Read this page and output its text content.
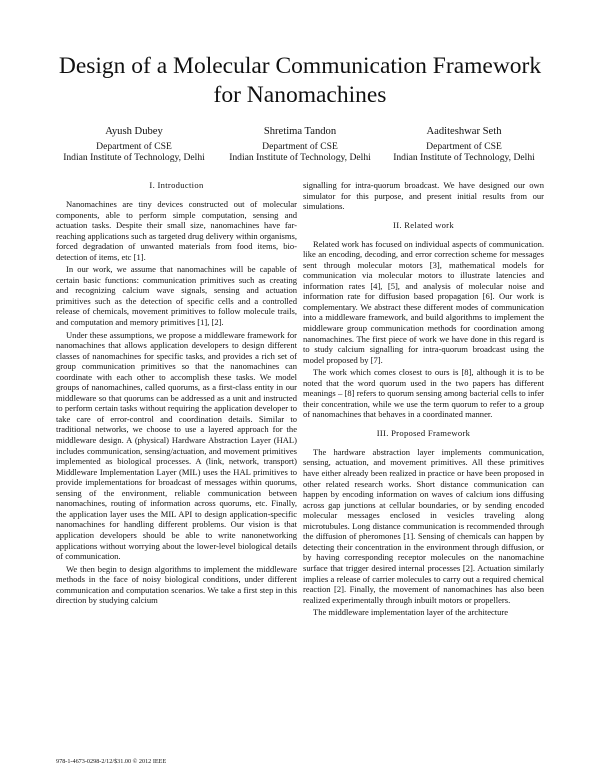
Design of a Molecular Communication Framework
for Nanomachines
Ayush Dubey
Department of CSE
Indian Institute of Technology, Delhi
Shretima Tandon
Department of CSE
Indian Institute of Technology, Delhi
Aaditeshwar Seth
Department of CSE
Indian Institute of Technology, Delhi
I. Introduction

Nanomachines are tiny devices constructed out of molecular components, able to perform simple computation, sensing and actuation tasks. Despite their small size, nanomachines have far-reaching applications such as targeted drug delivery within organisms, forced degradation of unwanted materials from food items, bio-detection of items, etc [1].

In our work, we assume that nanomachines will be capable of certain basic functions: communication primitives such as creating and recognizing calcium wave signals, sensing and actuation primitives such as the detection of specific cells and a controlled release of chemicals, movement primitives to follow molecule trails, and computation and memory primitives [1], [2].

Under these assumptions, we propose a middleware framework for nanomachines that allows application developers to design different classes of nanomachines for specific tasks, and provides a rich set of group communication primitives so that the nanomachines can coordinate with each other to accomplish these tasks. We model groups of nanomachines, called quorums, as a first-class entity in our middleware so that quorums can be addressed as a unit and instructed to perform certain tasks without requiring the application developer to take care of error-control and coordination details. Similar to traditional networks, we choose to use a layered approach for the middleware design. A (physical) Hardware Abstraction Layer (HAL) includes communication, sensing/actuation, and movement primitives implemented as biological processes. A (link, network, transport) Middleware Implementation Layer (MIL) uses the HAL primitives to provide implementations for broadcast of messages within quorums, sensing of the environment, reliable communication between nanomachines, routing of information across quorums, etc. Finally, the application layer uses the MIL API to design application-specific nanomachines for handling different problems. Our vision is that application developers should be able to write nanonetworking applications without worrying about the lower-level biological details of communication.

We then begin to design algorithms to implement the middleware methods in the face of noisy biological conditions, under different communication and computation scenarios. We take a first step in this direction by studying calcium

signalling for intra-quorum broadcast. We have designed our own simulator for this purpose, and present initial results from our simulations.

II. Related work

Related work has focused on individual aspects of communication. like an encoding, decoding, and error correction scheme for messages sent through molecular motors [3], mathematical models for communication via molecular motors to illustrate latencies and information rates [4], [5], and analysis of molecular noise and information rate for diffusion based propagation [6]. Our work is complementary. We abstract these different modes of communication into a middleware framework, and build algorithms to implement the middleware group communication methods for coordination among nanomachines. The first piece of work we have done in this regard is to study calcium signalling for intra-quorum broadcast using the model proposed by [7].

The work which comes closest to ours is [8], although it is to be noted that the word quorum used in the two papers has different meanings – [8] refers to quorum sensing among bacterial cells to infer their concentration, while we use the term quorum to refer to a group of nanomachines that behaves in a coordinated manner.

III. Proposed Framework

The hardware abstraction layer implements communication, sensing, actuation, and movement primitives. All these primitives have either already been realized in practice or have been proposed in other related research works. Short distance communication can happen by encoding information on waves of calcium ions diffusing across gap junctions at cellular boundaries, or by sending encoded molecular messages enclosed in vesicles traveling along microtubules. Long distance communication is recommended through the diffusion of pheromones [1]. Sensing of chemicals can happen by detecting their concentration in the environment through diffusion, or by having corresponding receptor molecules on the nanomachine surface that trigger desired internal processes [2]. Actuation similarly implies a release of carrier molecules to carry out a required chemical reaction [2]. Finally, the movement of nanomachines has also been realized experimentally through inbuilt motors or propellers.

The middleware implementation layer of the architecture

978-1-4673-0298-2/12/$31.00 © 2012 IEEE
